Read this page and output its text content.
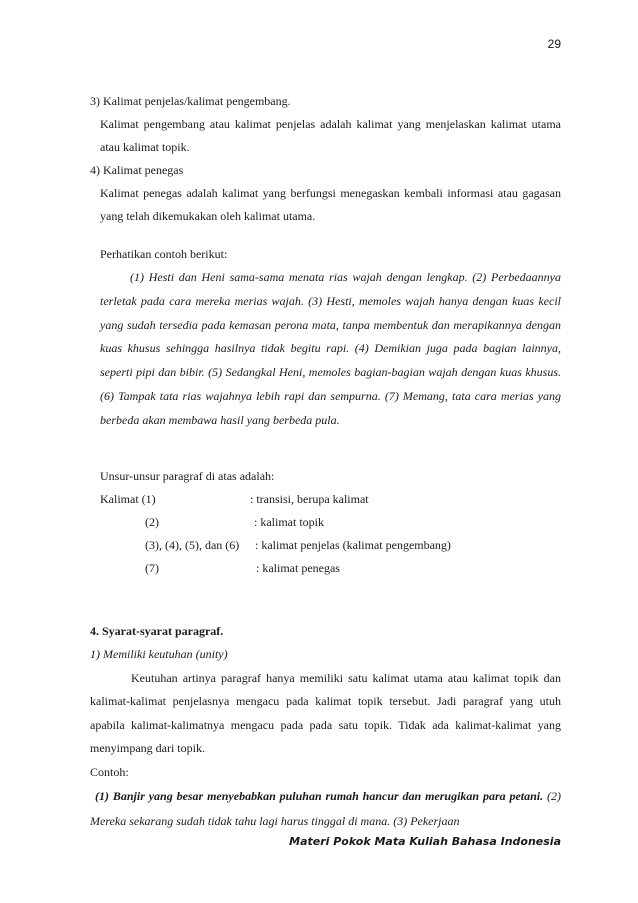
29
3) Kalimat penjelas/kalimat pengembang.
Kalimat pengembang atau kalimat penjelas adalah kalimat yang menjelaskan kalimat utama atau kalimat topik.
4) Kalimat penegas
Kalimat penegas adalah kalimat yang berfungsi menegaskan kembali informasi atau gagasan yang telah dikemukakan oleh kalimat utama.
Perhatikan contoh berikut:
(1) Hesti dan Heni sama-sama menata rias wajah dengan lengkap. (2) Perbedaannya terletak pada cara mereka merias wajah. (3) Hesti, memoles wajah hanya dengan kuas kecil yang sudah tersedia pada kemasan perona mata, tanpa membentuk dan merapikannya dengan kuas khusus sehingga hasilnya tidak begitu rapi. (4) Demikian juga pada bagian lainnya, seperti pipi dan bibir. (5) Sedangkal Heni, memoles bagian-bagian wajah dengan kuas khusus. (6) Tampak tata rias wajahnya lebih rapi dan sempurna. (7) Memang, tata cara merias yang berbeda akan membawa hasil yang berbeda pula.
Unsur-unsur paragraf di atas adalah:
Kalimat (1)	: transisi, berupa kalimat
(2)	: kalimat topik
(3), (4), (5), dan (6)	: kalimat penjelas (kalimat pengembang)
(7)	: kalimat penegas
4. Syarat-syarat paragraf.
1) Memiliki keutuhan (unity)
Keutuhan artinya paragraf hanya memiliki satu kalimat utama atau kalimat topik dan kalimat-kalimat penjelasnya mengacu pada kalimat topik tersebut. Jadi paragraf yang utuh apabila kalimat-kalimatnya mengacu pada pada satu topik. Tidak ada kalimat-kalimat yang menyimpang dari topik.
Contoh:
(1) Banjir yang besar menyebabkan puluhan rumah hancur dan merugikan para petani. (2) Mereka sekarang sudah tidak tahu lagi harus tinggal di mana. (3) Pekerjaan
Materi Pokok Mata Kuliah Bahasa Indonesia
